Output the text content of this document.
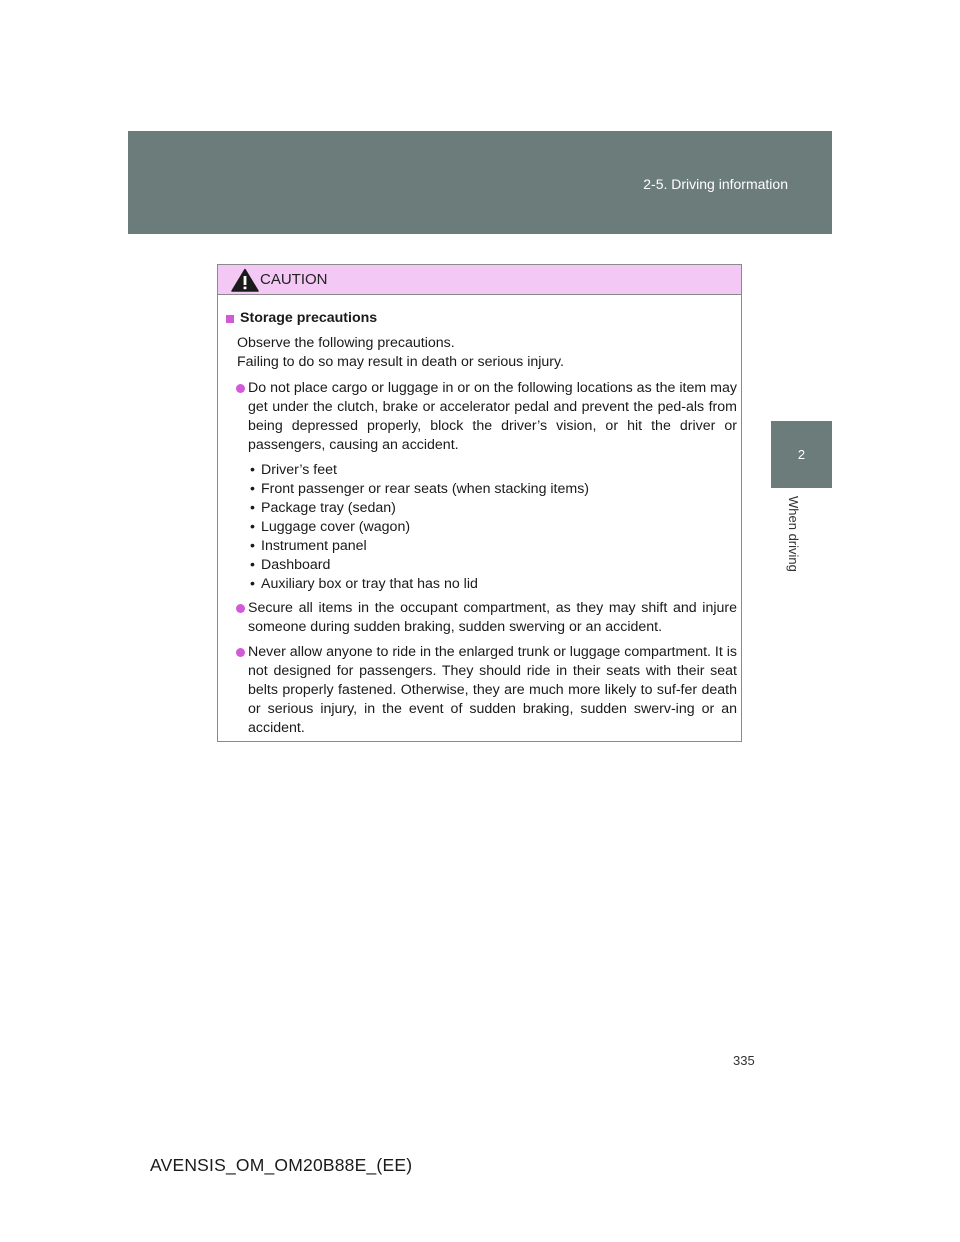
2-5. Driving information
2
When driving
CAUTION
Storage precautions
Observe the following precautions.
Failing to do so may result in death or serious injury.
Do not place cargo or luggage in or on the following locations as the item may get under the clutch, brake or accelerator pedal and prevent the ped-als from being depressed properly, block the driver’s vision, or hit the driver or passengers, causing an accident.
• Driver’s feet
• Front passenger or rear seats (when stacking items)
• Package tray (sedan)
• Luggage cover (wagon)
• Instrument panel
• Dashboard
• Auxiliary box or tray that has no lid
Secure all items in the occupant compartment, as they may shift and injure someone during sudden braking, sudden swerving or an accident.
Never allow anyone to ride in the enlarged trunk or luggage compartment. It is not designed for passengers. They should ride in their seats with their seat belts properly fastened. Otherwise, they are much more likely to suf-fer death or serious injury, in the event of sudden braking, sudden swerv-ing or an accident.
335
AVENSIS_OM_OM20B88E_(EE)
